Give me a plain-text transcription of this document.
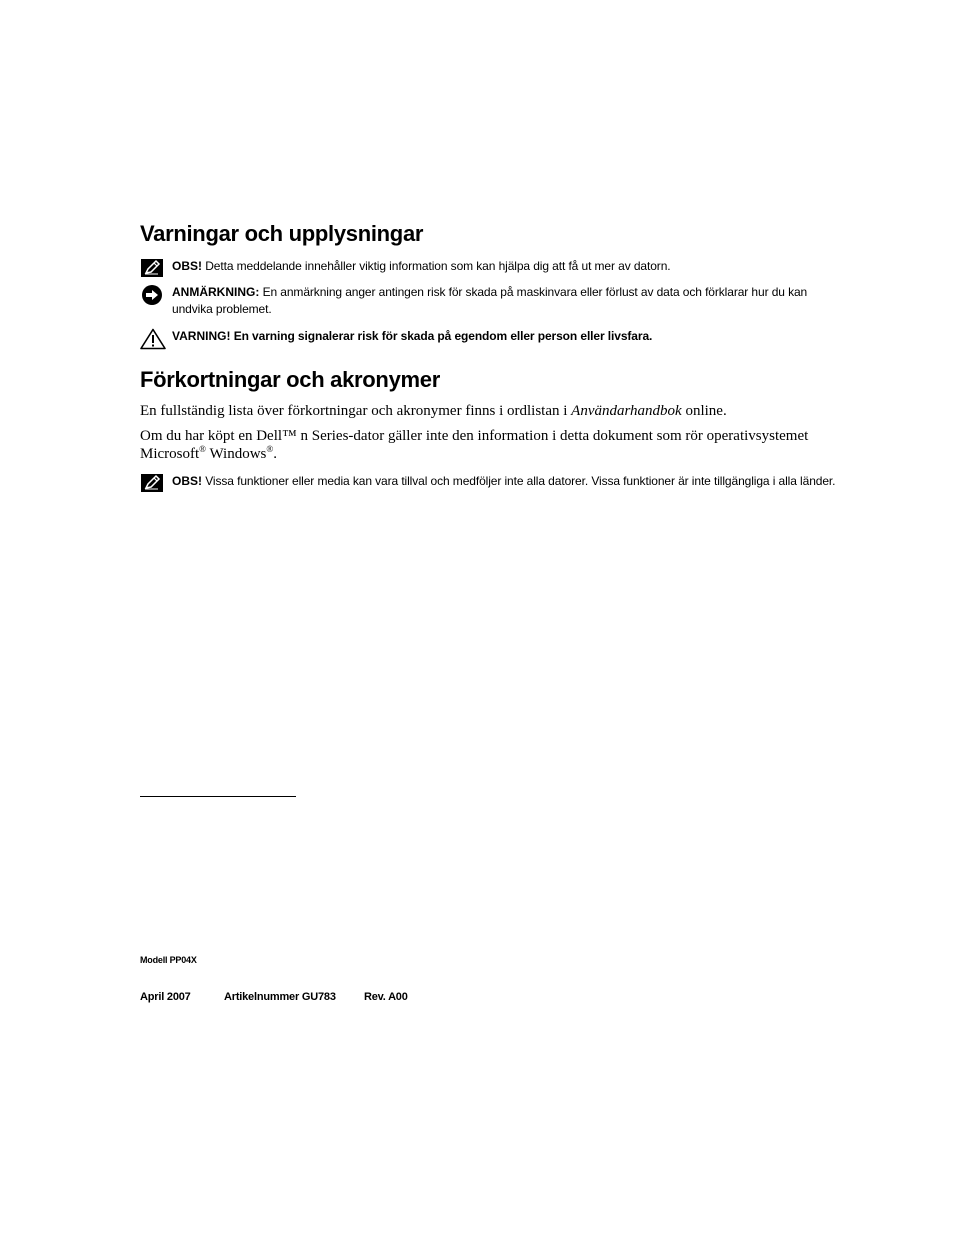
Varningar och upplysningar
OBS! Detta meddelande innehåller viktig information som kan hjälpa dig att få ut mer av datorn.
ANMÄRKNING: En anmärkning anger antingen risk för skada på maskinvara eller förlust av data och förklarar hur du kan undvika problemet.
VARNING! En varning signalerar risk för skada på egendom eller person eller livsfara.
Förkortningar och akronymer

En fullständig lista över förkortningar och akronymer finns i ordlistan i Användarhandbok online.

Om du har köpt en Dell™ n Series-dator gäller inte den information i detta dokument som rör operativsystemet Microsoft® Windows®.

OBS! Vissa funktioner eller media kan vara tillval och medföljer inte alla datorer. Vissa funktioner är inte tillgängliga i alla länder.
Modell PP04X
April 2007	Artikelnummer GU783	Rev. A00
